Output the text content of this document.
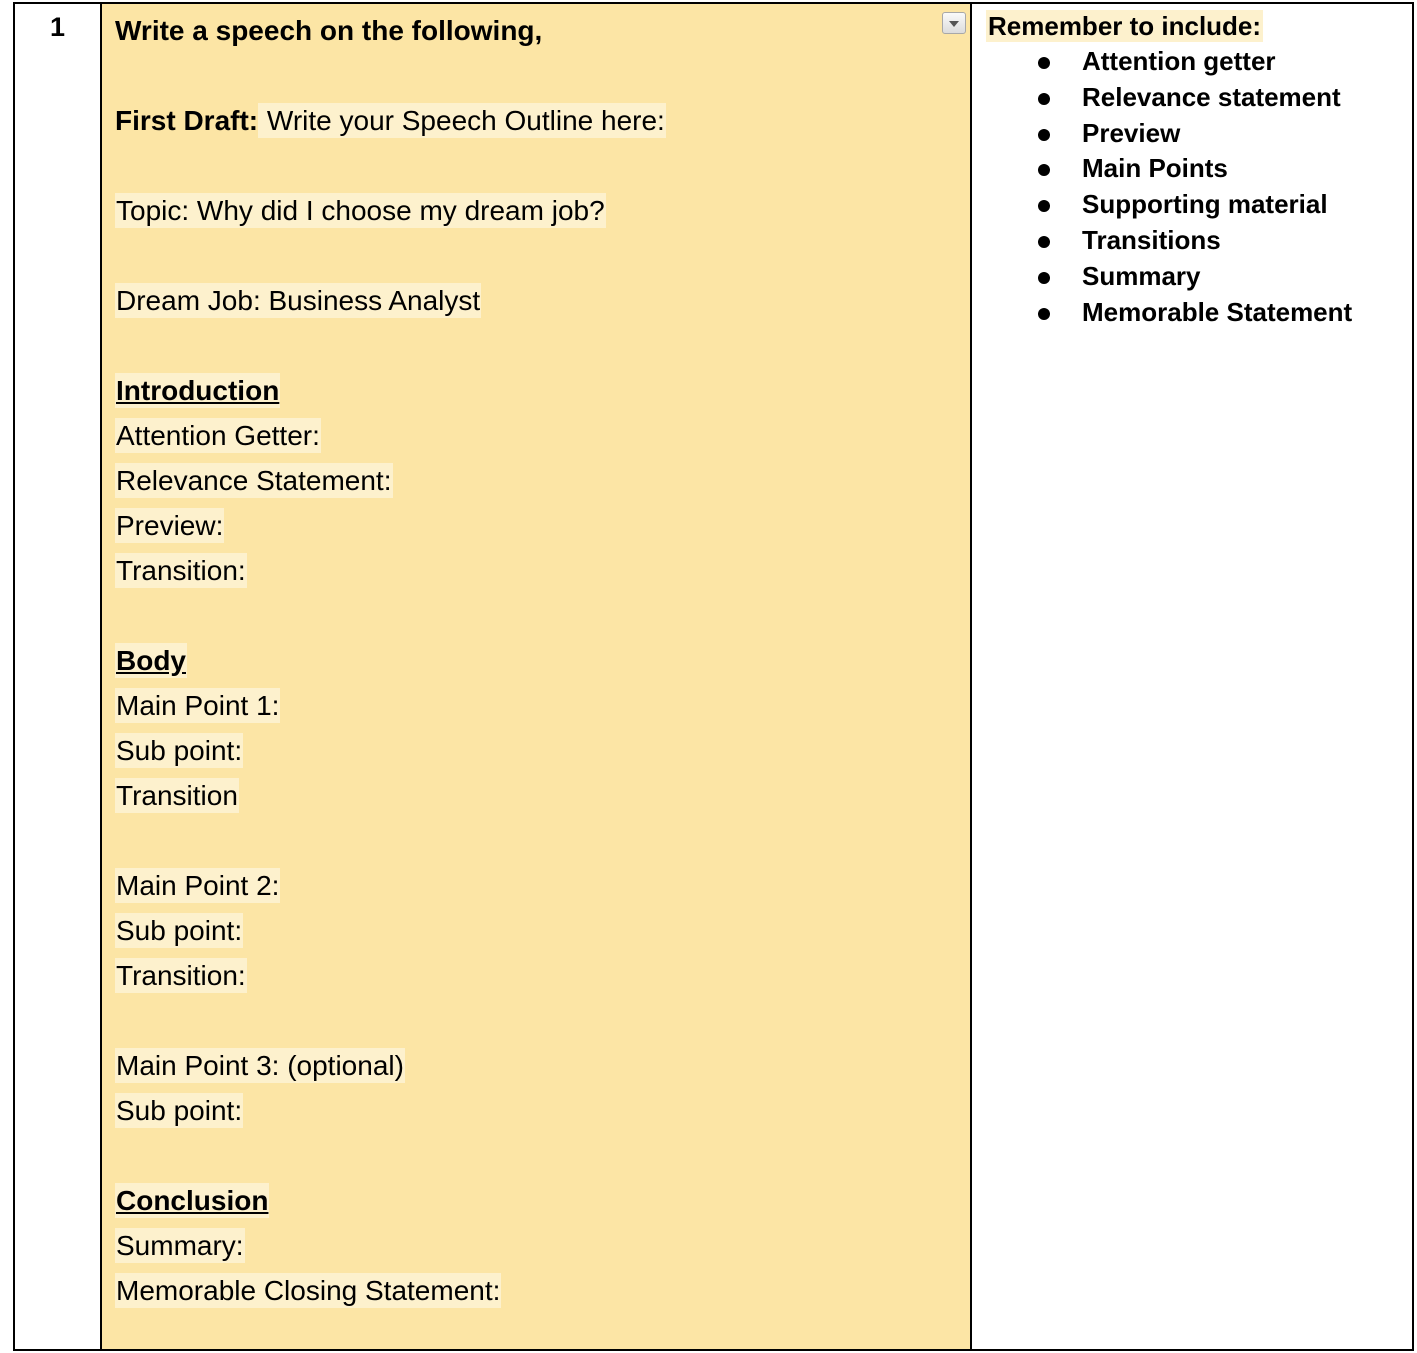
1	Write a speech on the following,
First Draft: Write your Speech Outline here:
Topic: Why did I choose my dream job?
Dream Job: Business Analyst
Introduction
Attention Getter:
Relevance Statement:
Preview:
Transition:
Body
Main Point 1:
Sub point:
Transition
Main Point 2:
Sub point:
Transition:
Main Point 3: (optional)
Sub point:
Conclusion
Summary:
Memorable Closing Statement:
Remember to include:
Attention getter
Relevance statement
Preview
Main Points
Supporting material
Transitions
Summary
Memorable Statement
